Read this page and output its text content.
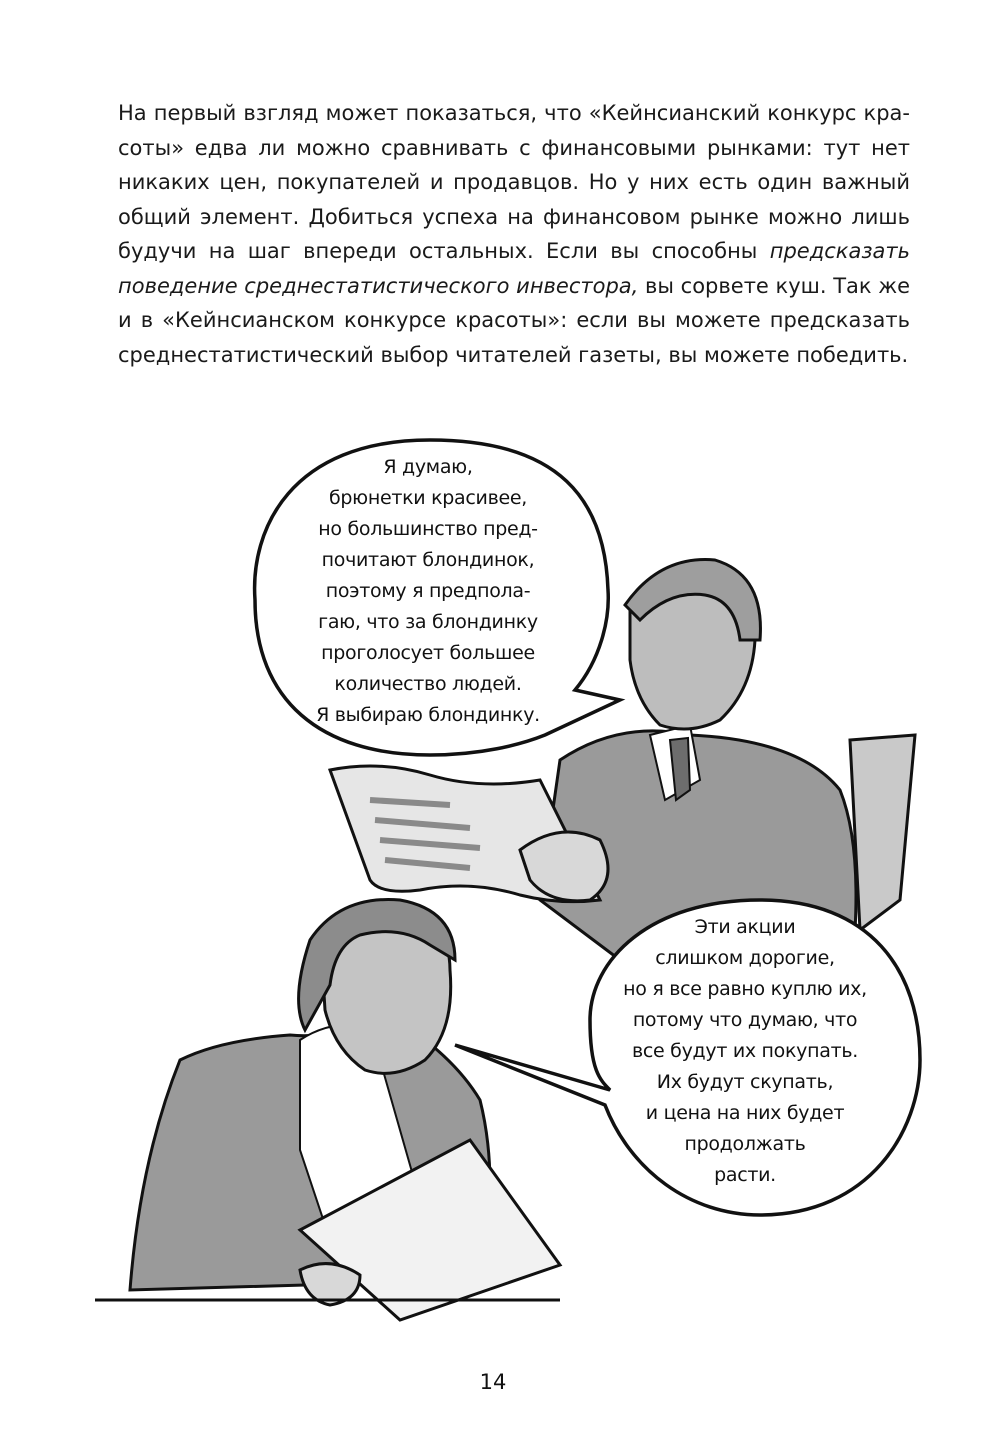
На первый взгляд может показаться, что «Кейнсианский конкурс кра-
соты» едва ли можно сравнивать с финансовыми рынками: тут нет
никаких цен, покупателей и продавцов. Но у них есть один важный
общий элемент. Добиться успеха на финансовом рынке можно лишь
будучи на шаг впереди остальных. Если вы способны предсказать
поведение среднестатистического инвестора, вы сорвете куш. Так же
и в «Кейнсианском конкурсе красоты»: если вы можете предсказать
среднестатистический выбор читателей газеты, вы можете победить.
Я думаю,
брюнетки красивее,
но большинство пред-
почитают блондинок,
поэтому я предпола-
гаю, что за блондинку
проголосует большее
количество людей.
Я выбираю блондинку.
Эти акции
слишком дорогие,
но я все равно куплю их,
потому что думаю, что
все будут их покупать.
Их будут скупать,
и цена на них будет
продолжать
расти.
14
